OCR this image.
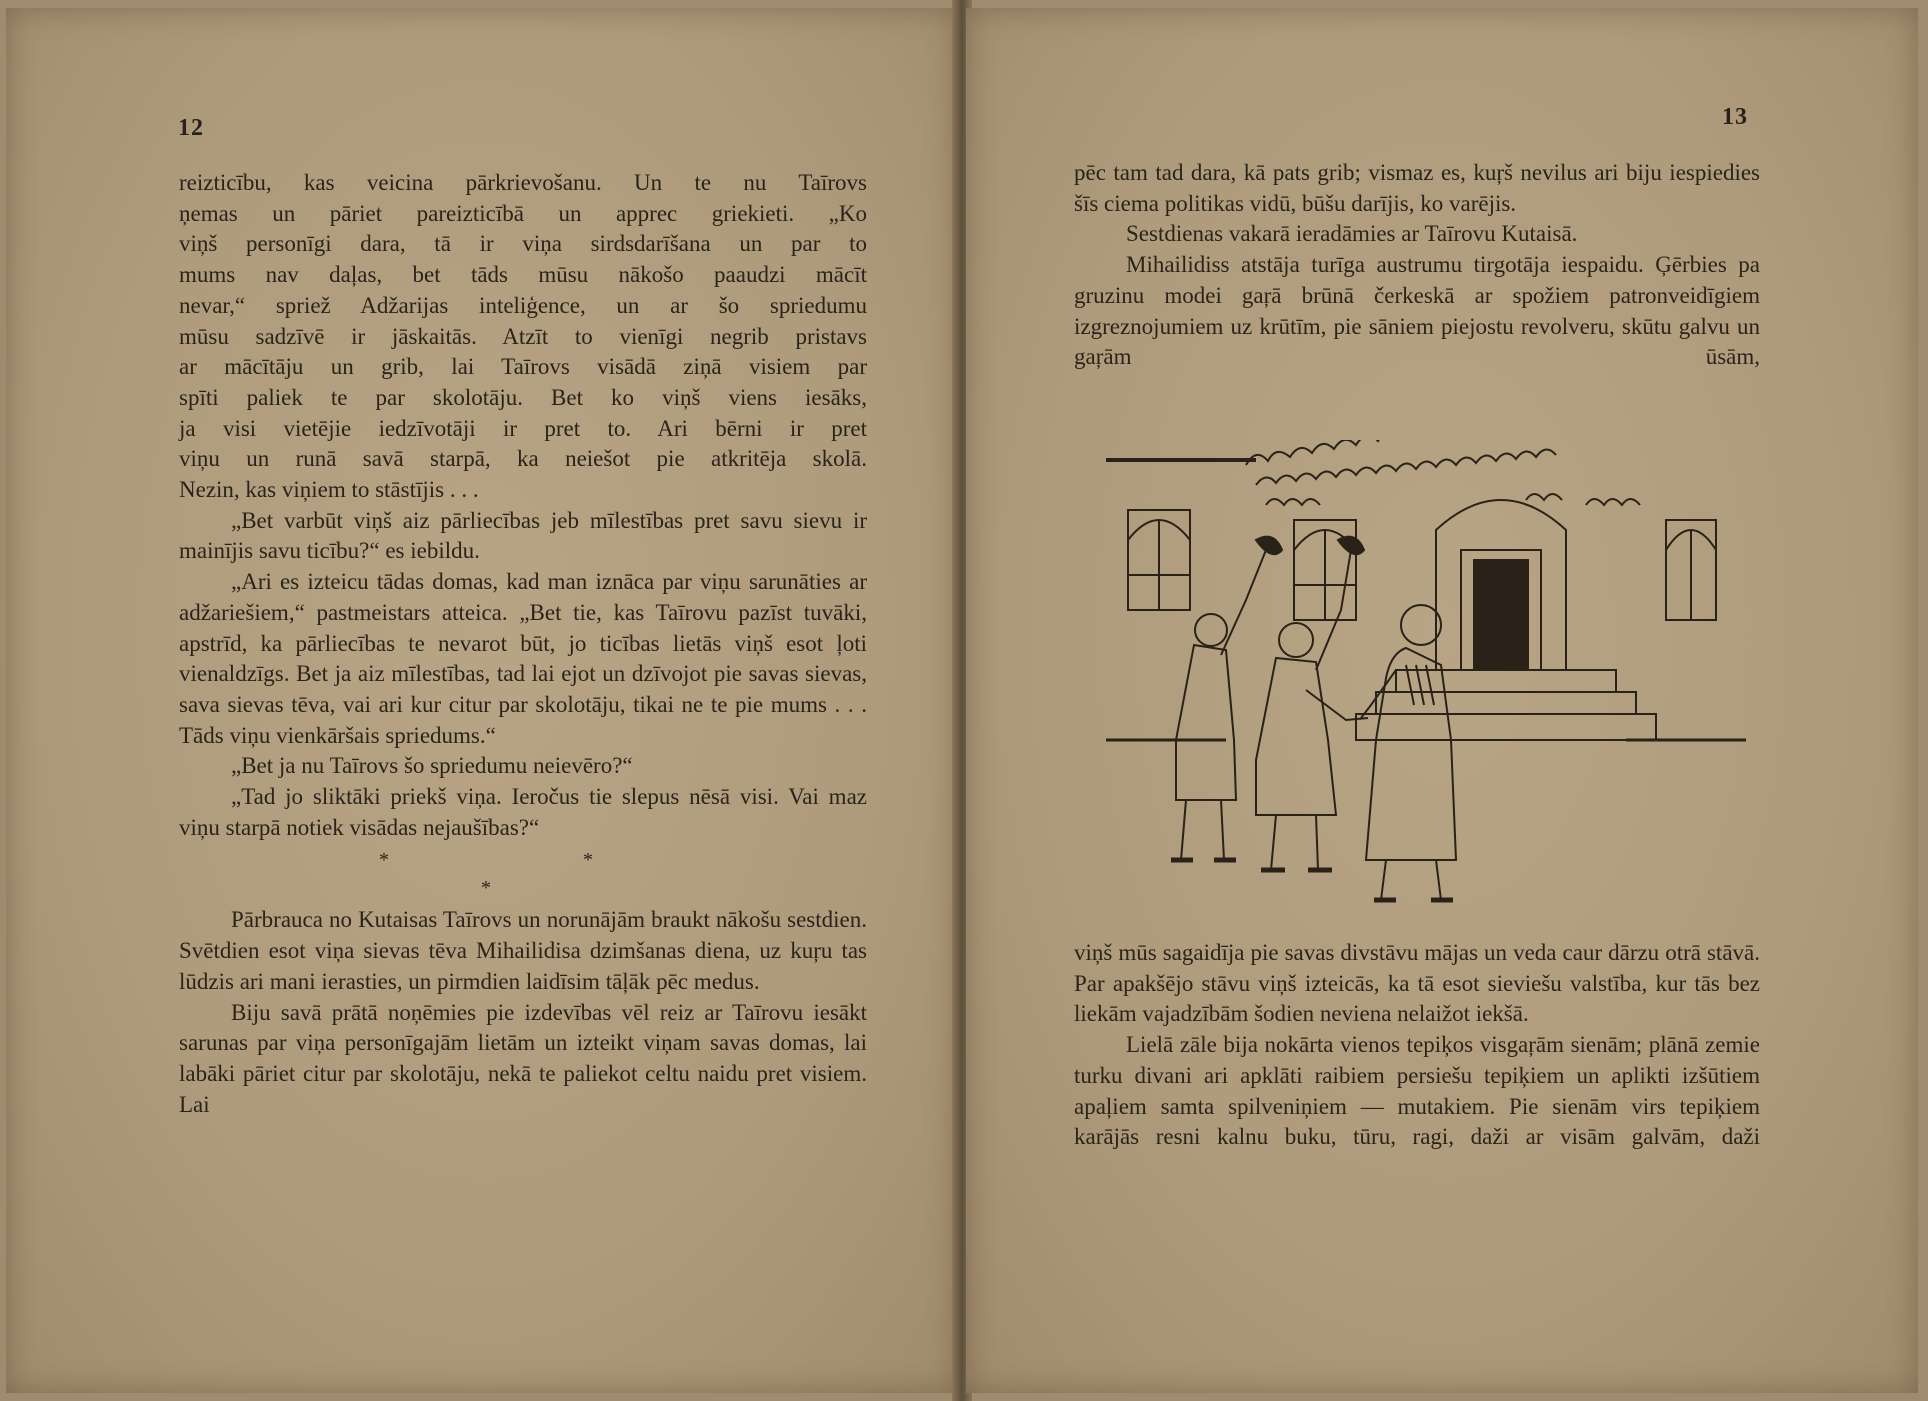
12

reizticību, kas veicina pārkrievošanu. Un te nu Taīrovs

ņemas un pāriet pareizticībā un apprec griekieti. „Ko

viņš personīgi dara, tā ir viņa sirdsdarīšana un par to

mums nav daļas, bet tāds mūsu nākošo paaudzi mācīt

nevar,“ spriež Adžarijas inteliģence, un ar šo spriedumu

mūsu sadzīvē ir jāskaitās. Atzīt to vienīgi negrib pristavs

ar mācītāju un grib, lai Taīrovs visādā ziņā visiem par

spīti paliek te par skolotāju. Bet ko viņš viens iesāks,

ja visi vietējie iedzīvotāji ir pret to. Ari bērni ir pret

viņu un runā savā starpā, ka neiešot pie atkritēja skolā.

Nezin, kas viņiem to stāstījis . . .

„Bet varbūt viņš aiz pārliecības jeb mīlestības pret savu sievu ir mainījis savu ticību?“ es iebildu.

„Ari es izteicu tādas domas, kad man iznāca par viņu sarunāties ar adžariešiem,“ pastmeistars atteica. „Bet tie, kas Taīrovu pazīst tuvāki, apstrīd, ka pārliecības te nevarot būt, jo ticības lietās viņš esot ļoti vienaldzīgs. Bet ja aiz mīlestības, tad lai ejot un dzīvojot pie savas sievas, sava sievas tēva, vai ari kur citur par skolotāju, tikai ne te pie mums . . . Tāds viņu vienkāršais spriedums.“

„Bet ja nu Taīrovs šo spriedumu neievēro?“

„Tad jo sliktāki priekš viņa. Ieročus tie slepus nēsā visi. Vai maz viņu starpā notiek visādas nejaušības?“

*	*
*

Pārbrauca no Kutaisas Taīrovs un norunājām braukt nākošu sestdien. Svētdien esot viņa sievas tēva Mihailidisa dzimšanas diena, uz kuŗu tas lūdzis ari mani ierasties, un pirmdien laidīsim tāļāk pēc medus.

Biju savā prātā noņēmies pie izdevības vēl reiz ar Taīrovu iesākt sarunas par viņa personīgajām lietām un izteikt viņam savas domas, lai labāki pāriet citur par skolotāju, nekā te paliekot celtu naidu pret visiem. Lai

13

pēc tam tad dara, kā pats grib; vismaz es, kuŗš nevilus ari biju iespiedies šīs ciema politikas vidū, būšu darījis, ko varējis.

Sestdienas vakarā ieradāmies ar Taīrovu Kutaisā.

Mihailidiss atstāja turīga austrumu tirgotāja iespaidu. Ģērbies pa gruzinu modei gaŗā brūnā čerkeskā ar spožiem patronveidīgiem izgreznojumiem uz krūtīm, pie sāniem piejostu revolveru, skūtu galvu un gaŗām ūsām,

viņš mūs sagaidīja pie savas divstāvu mājas un veda caur dārzu otrā stāvā. Par apakšējo stāvu viņš izteicās, ka tā esot sieviešu valstība, kur tās bez liekām vajadzībām šodien neviena nelaižot iekšā.

Lielā zāle bija nokārta vienos tepiķos visgaŗām sienām; plānā zemie turku divani ari apklāti raibiem persiešu tepiķiem un aplikti izšūtiem apaļiem samta spilveniņiem — mutakiem. Pie sienām virs tepiķiem karājās resni kalnu buku, tūru, ragi, daži ar visām galvām, daži
